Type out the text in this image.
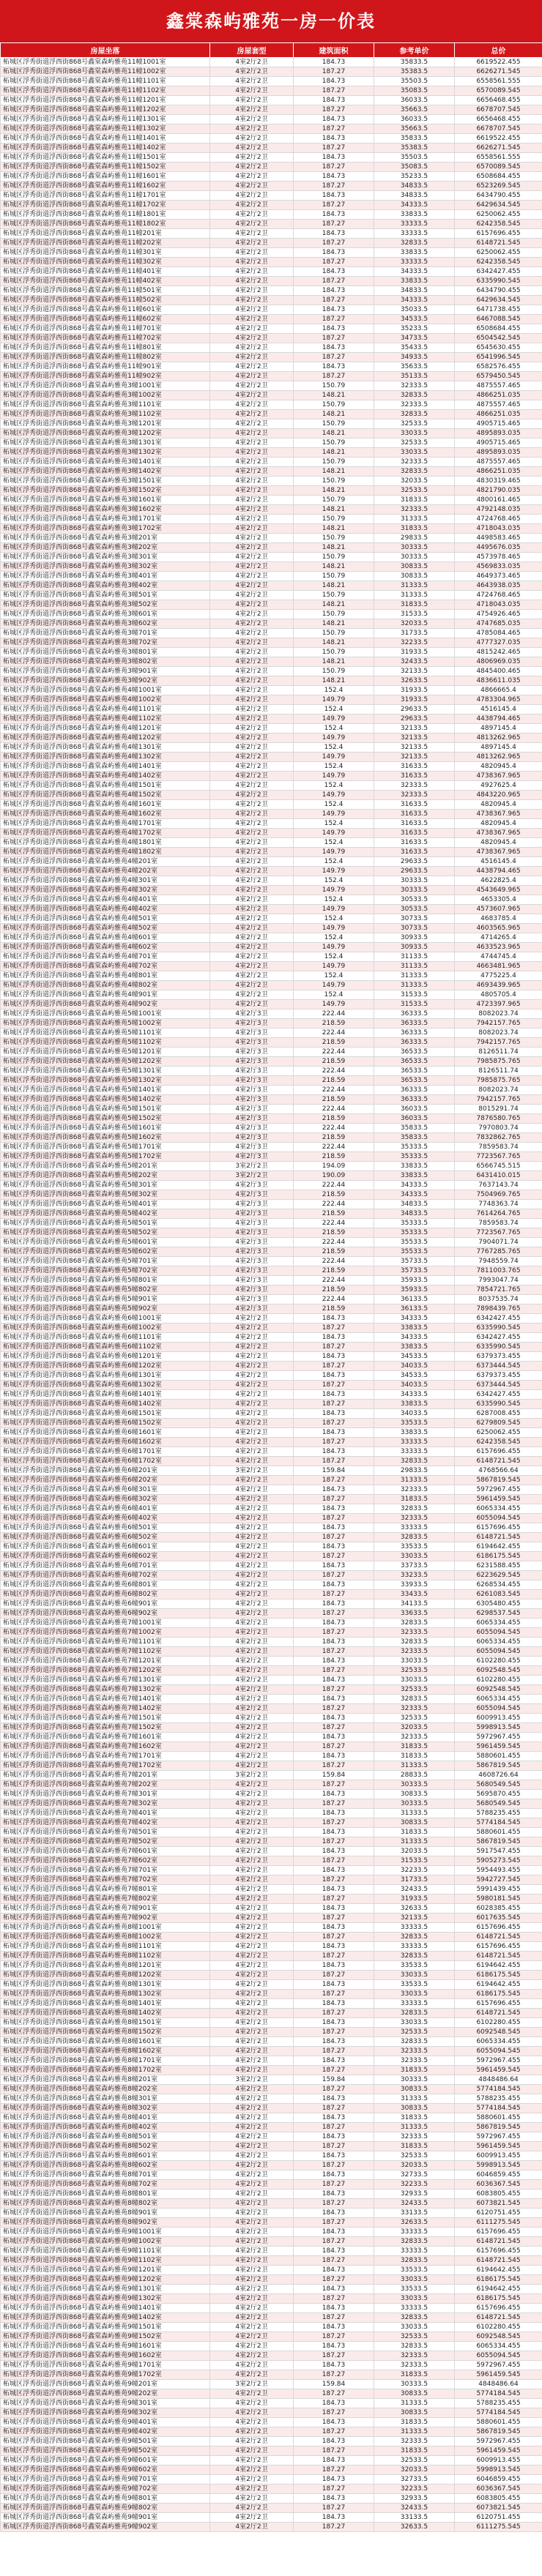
鑫棠森屿雅苑一房一价表
房屋坐落	房屋套型	建筑面积	参考单价	总价
柘城区浮秀街道浮西街868号鑫棠森屿雅苑11幢1001室	4室2厅2卫	184.73	35833.5	6619522.455
柘城区浮秀街道浮西街868号鑫棠森屿雅苑11幢1002室	4室2厅2卫	187.27	35383.5	6626271.545
柘城区浮秀街道浮西街868号鑫棠森屿雅苑11幢1101室	4室2厅2卫	184.73	35503.5	6558561.555
柘城区浮秀街道浮西街868号鑫棠森屿雅苑11幢1102室	4室2厅2卫	187.27	35083.5	6570089.545
柘城区浮秀街道浮西街868号鑫棠森屿雅苑11幢1201室	4室2厅2卫	184.73	36033.5	6656468.455
柘城区浮秀街道浮西街868号鑫棠森屿雅苑11幢1202室	4室2厅2卫	187.27	35663.5	6678707.545
柘城区浮秀街道浮西街868号鑫棠森屿雅苑11幢1301室	4室2厅2卫	184.73	36033.5	6656468.455
柘城区浮秀街道浮西街868号鑫棠森屿雅苑11幢1302室	4室2厅2卫	187.27	35663.5	6678707.545
柘城区浮秀街道浮西街868号鑫棠森屿雅苑11幢1401室	4室2厅2卫	184.73	35833.5	6619522.455
柘城区浮秀街道浮西街868号鑫棠森屿雅苑11幢1402室	4室2厅2卫	187.27	35383.5	6626271.545
柘城区浮秀街道浮西街868号鑫棠森屿雅苑11幢1501室	4室2厅2卫	184.73	35503.5	6558561.555
柘城区浮秀街道浮西街868号鑫棠森屿雅苑11幢1502室	4室2厅2卫	187.27	35083.5	6570089.545
柘城区浮秀街道浮西街868号鑫棠森屿雅苑11幢1601室	4室2厅2卫	184.73	35233.5	6508684.455
柘城区浮秀街道浮西街868号鑫棠森屿雅苑11幢1602室	4室2厅2卫	187.27	34833.5	6523269.545
柘城区浮秀街道浮西街868号鑫棠森屿雅苑11幢1701室	4室2厅2卫	184.73	34833.5	6434790.455
柘城区浮秀街道浮西街868号鑫棠森屿雅苑11幢1702室	4室2厅2卫	187.27	34333.5	6429634.545
柘城区浮秀街道浮西街868号鑫棠森屿雅苑11幢1801室	4室2厅2卫	184.73	33833.5	6250062.455
柘城区浮秀街道浮西街868号鑫棠森屿雅苑11幢1802室	4室2厅2卫	187.27	33333.5	6242358.545
柘城区浮秀街道浮西街868号鑫棠森屿雅苑11幢201室	4室2厅2卫	184.73	33333.5	6157696.455
柘城区浮秀街道浮西街868号鑫棠森屿雅苑11幢202室	4室2厅2卫	187.27	32833.5	6148721.545
柘城区浮秀街道浮西街868号鑫棠森屿雅苑11幢301室	4室2厅2卫	184.73	33833.5	6250062.455
柘城区浮秀街道浮西街868号鑫棠森屿雅苑11幢302室	4室2厅2卫	187.27	33333.5	6242358.545
柘城区浮秀街道浮西街868号鑫棠森屿雅苑11幢401室	4室2厅2卫	184.73	34333.5	6342427.455
柘城区浮秀街道浮西街868号鑫棠森屿雅苑11幢402室	4室2厅2卫	187.27	33833.5	6335990.545
柘城区浮秀街道浮西街868号鑫棠森屿雅苑11幢501室	4室2厅2卫	184.73	34833.5	6434790.455
柘城区浮秀街道浮西街868号鑫棠森屿雅苑11幢502室	4室2厅2卫	187.27	34333.5	6429634.545
柘城区浮秀街道浮西街868号鑫棠森屿雅苑11幢601室	4室2厅2卫	184.73	35033.5	6471738.455
柘城区浮秀街道浮西街868号鑫棠森屿雅苑11幢602室	4室2厅2卫	187.27	34533.5	6467088.545
柘城区浮秀街道浮西街868号鑫棠森屿雅苑11幢701室	4室2厅2卫	184.73	35233.5	6508684.455
柘城区浮秀街道浮西街868号鑫棠森屿雅苑11幢702室	4室2厅2卫	187.27	34733.5	6504542.545
柘城区浮秀街道浮西街868号鑫棠森屿雅苑11幢801室	4室2厅2卫	184.73	35433.5	6545630.455
柘城区浮秀街道浮西街868号鑫棠森屿雅苑11幢802室	4室2厅2卫	187.27	34933.5	6541996.545
柘城区浮秀街道浮西街868号鑫棠森屿雅苑11幢901室	4室2厅2卫	184.73	35633.5	6582576.455
柘城区浮秀街道浮西街868号鑫棠森屿雅苑11幢902室	4室2厅2卫	187.27	35133.5	6579450.545
柘城区浮秀街道浮西街868号鑫棠森屿雅苑3幢1001室	4室2厅2卫	150.79	32333.5	4875557.465
柘城区浮秀街道浮西街868号鑫棠森屿雅苑3幢1002室	4室2厅2卫	148.21	32833.5	4866251.035
柘城区浮秀街道浮西街868号鑫棠森屿雅苑3幢1101室	4室2厅2卫	150.79	32333.5	4875557.465
柘城区浮秀街道浮西街868号鑫棠森屿雅苑3幢1102室	4室2厅2卫	148.21	32833.5	4866251.035
柘城区浮秀街道浮西街868号鑫棠森屿雅苑3幢1201室	4室2厅2卫	150.79	32533.5	4905715.465
柘城区浮秀街道浮西街868号鑫棠森屿雅苑3幢1202室	4室2厅2卫	148.21	33033.5	4895893.035
柘城区浮秀街道浮西街868号鑫棠森屿雅苑3幢1301室	4室2厅2卫	150.79	32533.5	4905715.465
柘城区浮秀街道浮西街868号鑫棠森屿雅苑3幢1302室	4室2厅2卫	148.21	33033.5	4895893.035
柘城区浮秀街道浮西街868号鑫棠森屿雅苑3幢1401室	4室2厅2卫	150.79	32333.5	4875557.465
柘城区浮秀街道浮西街868号鑫棠森屿雅苑3幢1402室	4室2厅2卫	148.21	32833.5	4866251.035
柘城区浮秀街道浮西街868号鑫棠森屿雅苑3幢1501室	4室2厅2卫	150.79	32033.5	4830319.465
柘城区浮秀街道浮西街868号鑫棠森屿雅苑3幢1502室	4室2厅2卫	148.21	32533.5	4821790.035
柘城区浮秀街道浮西街868号鑫棠森屿雅苑3幢1601室	4室2厅2卫	150.79	31833.5	4800161.465
柘城区浮秀街道浮西街868号鑫棠森屿雅苑3幢1602室	4室2厅2卫	148.21	32333.5	4792148.035
柘城区浮秀街道浮西街868号鑫棠森屿雅苑3幢1701室	4室2厅2卫	150.79	31333.5	4724768.465
柘城区浮秀街道浮西街868号鑫棠森屿雅苑3幢1702室	4室2厅2卫	148.21	31833.5	4718043.035
柘城区浮秀街道浮西街868号鑫棠森屿雅苑3幢201室	4室2厅2卫	150.79	29833.5	4498583.465
柘城区浮秀街道浮西街868号鑫棠森屿雅苑3幢202室	4室2厅2卫	148.21	30333.5	4495676.035
柘城区浮秀街道浮西街868号鑫棠森屿雅苑3幢301室	4室2厅2卫	150.79	30333.5	4573978.465
柘城区浮秀街道浮西街868号鑫棠森屿雅苑3幢302室	4室2厅2卫	148.21	30833.5	4569833.035
柘城区浮秀街道浮西街868号鑫棠森屿雅苑3幢401室	4室2厅2卫	150.79	30833.5	4649373.465
柘城区浮秀街道浮西街868号鑫棠森屿雅苑3幢402室	4室2厅2卫	148.21	31333.5	4643938.035
柘城区浮秀街道浮西街868号鑫棠森屿雅苑3幢501室	4室2厅2卫	150.79	31333.5	4724768.465
柘城区浮秀街道浮西街868号鑫棠森屿雅苑3幢502室	4室2厅2卫	148.21	31833.5	4718043.035
柘城区浮秀街道浮西街868号鑫棠森屿雅苑3幢601室	4室2厅2卫	150.79	31533.5	4754926.465
柘城区浮秀街道浮西街868号鑫棠森屿雅苑3幢602室	4室2厅2卫	148.21	32033.5	4747685.035
柘城区浮秀街道浮西街868号鑫棠森屿雅苑3幢701室	4室2厅2卫	150.79	31733.5	4785084.465
柘城区浮秀街道浮西街868号鑫棠森屿雅苑3幢702室	4室2厅2卫	148.21	32233.5	4777327.035
柘城区浮秀街道浮西街868号鑫棠森屿雅苑3幢801室	4室2厅2卫	150.79	31933.5	4815242.465
柘城区浮秀街道浮西街868号鑫棠森屿雅苑3幢802室	4室2厅2卫	148.21	32433.5	4806969.035
柘城区浮秀街道浮西街868号鑫棠森屿雅苑3幢901室	4室2厅2卫	150.79	32133.5	4845400.465
柘城区浮秀街道浮西街868号鑫棠森屿雅苑3幢902室	4室2厅2卫	148.21	32633.5	4836611.035
柘城区浮秀街道浮西街868号鑫棠森屿雅苑4幢1001室	4室2厅2卫	152.4	31933.5	4866665.4
柘城区浮秀街道浮西街868号鑫棠森屿雅苑4幢1002室	4室2厅2卫	149.79	31933.5	4783304.965
柘城区浮秀街道浮西街868号鑫棠森屿雅苑4幢1101室	4室2厅2卫	152.4	29633.5	4516145.4
柘城区浮秀街道浮西街868号鑫棠森屿雅苑4幢1102室	4室2厅2卫	149.79	29633.5	4438794.465
柘城区浮秀街道浮西街868号鑫棠森屿雅苑4幢1201室	4室2厅2卫	152.4	32133.5	4897145.4
柘城区浮秀街道浮西街868号鑫棠森屿雅苑4幢1202室	4室2厅2卫	149.79	32133.5	4813262.965
柘城区浮秀街道浮西街868号鑫棠森屿雅苑4幢1301室	4室2厅2卫	152.4	32133.5	4897145.4
柘城区浮秀街道浮西街868号鑫棠森屿雅苑4幢1302室	4室2厅2卫	149.79	32133.5	4813262.965
柘城区浮秀街道浮西街868号鑫棠森屿雅苑4幢1401室	4室2厅2卫	152.4	31633.5	4820945.4
柘城区浮秀街道浮西街868号鑫棠森屿雅苑4幢1402室	4室2厅2卫	149.79	31633.5	4738367.965
柘城区浮秀街道浮西街868号鑫棠森屿雅苑4幢1501室	4室2厅2卫	152.4	32333.5	4927625.4
柘城区浮秀街道浮西街868号鑫棠森屿雅苑4幢1502室	4室2厅2卫	149.79	32333.5	4843220.965
柘城区浮秀街道浮西街868号鑫棠森屿雅苑4幢1601室	4室2厅2卫	152.4	31633.5	4820945.4
柘城区浮秀街道浮西街868号鑫棠森屿雅苑4幢1602室	4室2厅2卫	149.79	31633.5	4738367.965
柘城区浮秀街道浮西街868号鑫棠森屿雅苑4幢1701室	4室2厅2卫	152.4	31633.5	4820945.4
柘城区浮秀街道浮西街868号鑫棠森屿雅苑4幢1702室	4室2厅2卫	149.79	31633.5	4738367.965
柘城区浮秀街道浮西街868号鑫棠森屿雅苑4幢1801室	4室2厅2卫	152.4	31633.5	4820945.4
柘城区浮秀街道浮西街868号鑫棠森屿雅苑4幢1802室	4室2厅2卫	149.79	31633.5	4738367.965
柘城区浮秀街道浮西街868号鑫棠森屿雅苑4幢201室	4室2厅2卫	152.4	29633.5	4516145.4
柘城区浮秀街道浮西街868号鑫棠森屿雅苑4幢202室	4室2厅2卫	149.79	29633.5	4438794.465
柘城区浮秀街道浮西街868号鑫棠森屿雅苑4幢301室	4室2厅2卫	152.4	30333.5	4622825.4
柘城区浮秀街道浮西街868号鑫棠森屿雅苑4幢302室	4室2厅2卫	149.79	30333.5	4543649.965
柘城区浮秀街道浮西街868号鑫棠森屿雅苑4幢401室	4室2厅2卫	152.4	30533.5	4653305.4
柘城区浮秀街道浮西街868号鑫棠森屿雅苑4幢402室	4室2厅2卫	149.79	30533.5	4573607.965
柘城区浮秀街道浮西街868号鑫棠森屿雅苑4幢501室	4室2厅2卫	152.4	30733.5	4683785.4
柘城区浮秀街道浮西街868号鑫棠森屿雅苑4幢502室	4室2厅2卫	149.79	30733.5	4603565.965
柘城区浮秀街道浮西街868号鑫棠森屿雅苑4幢601室	4室2厅2卫	152.4	30933.5	4714265.4
柘城区浮秀街道浮西街868号鑫棠森屿雅苑4幢602室	4室2厅2卫	149.79	30933.5	4633523.965
柘城区浮秀街道浮西街868号鑫棠森屿雅苑4幢701室	4室2厅2卫	152.4	31133.5	4744745.4
柘城区浮秀街道浮西街868号鑫棠森屿雅苑4幢702室	4室2厅2卫	149.79	31133.5	4663481.965
柘城区浮秀街道浮西街868号鑫棠森屿雅苑4幢801室	4室2厅2卫	152.4	31333.5	4775225.4
柘城区浮秀街道浮西街868号鑫棠森屿雅苑4幢802室	4室2厅2卫	149.79	31333.5	4693439.965
柘城区浮秀街道浮西街868号鑫棠森屿雅苑4幢901室	4室2厅2卫	152.4	31533.5	4805705.4
柘城区浮秀街道浮西街868号鑫棠森屿雅苑4幢902室	4室2厅2卫	149.79	31533.5	4723397.965
柘城区浮秀街道浮西街868号鑫棠森屿雅苑5幢1001室	4室2厅3卫	222.44	36333.5	8082023.74
柘城区浮秀街道浮西街868号鑫棠森屿雅苑5幢1002室	4室2厅3卫	218.59	36333.5	7942157.765
柘城区浮秀街道浮西街868号鑫棠森屿雅苑5幢1101室	4室2厅3卫	222.44	36333.5	8082023.74
柘城区浮秀街道浮西街868号鑫棠森屿雅苑5幢1102室	4室2厅3卫	218.59	36333.5	7942157.765
柘城区浮秀街道浮西街868号鑫棠森屿雅苑5幢1201室	4室2厅3卫	222.44	36533.5	8126511.74
柘城区浮秀街道浮西街868号鑫棠森屿雅苑5幢1202室	4室2厅3卫	218.59	36533.5	7985875.765
柘城区浮秀街道浮西街868号鑫棠森屿雅苑5幢1301室	4室2厅3卫	222.44	36533.5	8126511.74
柘城区浮秀街道浮西街868号鑫棠森屿雅苑5幢1302室	4室2厅3卫	218.59	36533.5	7985875.765
柘城区浮秀街道浮西街868号鑫棠森屿雅苑5幢1401室	4室2厅3卫	222.44	36333.5	8082023.74
柘城区浮秀街道浮西街868号鑫棠森屿雅苑5幢1402室	4室2厅3卫	218.59	36333.5	7942157.765
柘城区浮秀街道浮西街868号鑫棠森屿雅苑5幢1501室	4室2厅3卫	222.44	36033.5	8015291.74
柘城区浮秀街道浮西街868号鑫棠森屿雅苑5幢1502室	4室2厅3卫	218.59	36033.5	7876580.765
柘城区浮秀街道浮西街868号鑫棠森屿雅苑5幢1601室	4室2厅3卫	222.44	35833.5	7970803.74
柘城区浮秀街道浮西街868号鑫棠森屿雅苑5幢1602室	4室2厅3卫	218.59	35833.5	7832862.765
柘城区浮秀街道浮西街868号鑫棠森屿雅苑5幢1701室	4室2厅3卫	222.44	35333.5	7859583.74
柘城区浮秀街道浮西街868号鑫棠森屿雅苑5幢1702室	4室2厅3卫	218.59	35333.5	7723567.765
柘城区浮秀街道浮西街868号鑫棠森屿雅苑5幢201室	3室2厅2卫	194.09	33833.5	6566745.515
柘城区浮秀街道浮西街868号鑫棠森屿雅苑5幢202室	3室2厅2卫	190.09	33833.5	6431410.015
柘城区浮秀街道浮西街868号鑫棠森屿雅苑5幢301室	4室2厅3卫	222.44	34333.5	7637143.74
柘城区浮秀街道浮西街868号鑫棠森屿雅苑5幢302室	4室2厅3卫	218.59	34333.5	7504969.765
柘城区浮秀街道浮西街868号鑫棠森屿雅苑5幢401室	4室2厅3卫	222.44	34833.5	7748363.74
柘城区浮秀街道浮西街868号鑫棠森屿雅苑5幢402室	4室2厅3卫	218.59	34833.5	7614264.765
柘城区浮秀街道浮西街868号鑫棠森屿雅苑5幢501室	4室2厅3卫	222.44	35333.5	7859583.74
柘城区浮秀街道浮西街868号鑫棠森屿雅苑5幢502室	4室2厅3卫	218.59	35333.5	7723567.765
柘城区浮秀街道浮西街868号鑫棠森屿雅苑5幢601室	4室2厅3卫	222.44	35533.5	7904071.74
柘城区浮秀街道浮西街868号鑫棠森屿雅苑5幢602室	4室2厅3卫	218.59	35533.5	7767285.765
柘城区浮秀街道浮西街868号鑫棠森屿雅苑5幢701室	4室2厅3卫	222.44	35733.5	7948559.74
柘城区浮秀街道浮西街868号鑫棠森屿雅苑5幢702室	4室2厅3卫	218.59	35733.5	7811003.765
柘城区浮秀街道浮西街868号鑫棠森屿雅苑5幢801室	4室2厅3卫	222.44	35933.5	7993047.74
柘城区浮秀街道浮西街868号鑫棠森屿雅苑5幢802室	4室2厅3卫	218.59	35933.5	7854721.765
柘城区浮秀街道浮西街868号鑫棠森屿雅苑5幢901室	4室2厅3卫	222.44	36133.5	8037535.74
柘城区浮秀街道浮西街868号鑫棠森屿雅苑5幢902室	4室2厅3卫	218.59	36133.5	7898439.765
柘城区浮秀街道浮西街868号鑫棠森屿雅苑6幢1001室	4室2厅2卫	184.73	34333.5	6342427.455
柘城区浮秀街道浮西街868号鑫棠森屿雅苑6幢1002室	4室2厅2卫	187.27	33833.5	6335990.545
柘城区浮秀街道浮西街868号鑫棠森屿雅苑6幢1101室	4室2厅2卫	184.73	34333.5	6342427.455
柘城区浮秀街道浮西街868号鑫棠森屿雅苑6幢1102室	4室2厅2卫	187.27	33833.5	6335990.545
柘城区浮秀街道浮西街868号鑫棠森屿雅苑6幢1201室	4室2厅2卫	184.73	34533.5	6379373.455
柘城区浮秀街道浮西街868号鑫棠森屿雅苑6幢1202室	4室2厅2卫	187.27	34033.5	6373444.545
柘城区浮秀街道浮西街868号鑫棠森屿雅苑6幢1301室	4室2厅2卫	184.73	34533.5	6379373.455
柘城区浮秀街道浮西街868号鑫棠森屿雅苑6幢1302室	4室2厅2卫	187.27	34033.5	6373444.545
柘城区浮秀街道浮西街868号鑫棠森屿雅苑6幢1401室	4室2厅2卫	184.73	34333.5	6342427.455
柘城区浮秀街道浮西街868号鑫棠森屿雅苑6幢1402室	4室2厅2卫	187.27	33833.5	6335990.545
柘城区浮秀街道浮西街868号鑫棠森屿雅苑6幢1501室	4室2厅2卫	184.73	34033.5	6287008.455
柘城区浮秀街道浮西街868号鑫棠森屿雅苑6幢1502室	4室2厅2卫	187.27	33533.5	6279809.545
柘城区浮秀街道浮西街868号鑫棠森屿雅苑6幢1601室	4室2厅2卫	184.73	33833.5	6250062.455
柘城区浮秀街道浮西街868号鑫棠森屿雅苑6幢1602室	4室2厅2卫	187.27	33333.5	6242358.545
柘城区浮秀街道浮西街868号鑫棠森屿雅苑6幢1701室	4室2厅2卫	184.73	33333.5	6157696.455
柘城区浮秀街道浮西街868号鑫棠森屿雅苑6幢1702室	4室2厅2卫	187.27	32833.5	6148721.545
柘城区浮秀街道浮西街868号鑫棠森屿雅苑6幢201室	3室2厅2卫	159.84	29833.5	4768566.64
柘城区浮秀街道浮西街868号鑫棠森屿雅苑6幢202室	4室2厅2卫	187.27	31333.5	5867819.545
柘城区浮秀街道浮西街868号鑫棠森屿雅苑6幢301室	4室2厅2卫	184.73	32333.5	5972967.455
柘城区浮秀街道浮西街868号鑫棠森屿雅苑6幢302室	4室2厅2卫	187.27	31833.5	5961459.545
柘城区浮秀街道浮西街868号鑫棠森屿雅苑6幢401室	4室2厅2卫	184.73	32833.5	6065334.455
柘城区浮秀街道浮西街868号鑫棠森屿雅苑6幢402室	4室2厅2卫	187.27	32333.5	6055094.545
柘城区浮秀街道浮西街868号鑫棠森屿雅苑6幢501室	4室2厅2卫	184.73	33333.5	6157696.455
柘城区浮秀街道浮西街868号鑫棠森屿雅苑6幢502室	4室2厅2卫	187.27	32833.5	6148721.545
柘城区浮秀街道浮西街868号鑫棠森屿雅苑6幢601室	4室2厅2卫	184.73	33533.5	6194642.455
柘城区浮秀街道浮西街868号鑫棠森屿雅苑6幢602室	4室2厅2卫	187.27	33033.5	6186175.545
柘城区浮秀街道浮西街868号鑫棠森屿雅苑6幢701室	4室2厅2卫	184.73	33733.5	6231588.455
柘城区浮秀街道浮西街868号鑫棠森屿雅苑6幢702室	4室2厅2卫	187.27	33233.5	6223629.545
柘城区浮秀街道浮西街868号鑫棠森屿雅苑6幢801室	4室2厅2卫	184.73	33933.5	6268534.455
柘城区浮秀街道浮西街868号鑫棠森屿雅苑6幢802室	4室2厅2卫	187.27	33433.5	6261083.545
柘城区浮秀街道浮西街868号鑫棠森屿雅苑6幢901室	4室2厅2卫	184.73	34133.5	6305480.455
柘城区浮秀街道浮西街868号鑫棠森屿雅苑6幢902室	4室2厅2卫	187.27	33633.5	6298537.545
柘城区浮秀街道浮西街868号鑫棠森屿雅苑7幢1001室	4室2厅2卫	184.73	32833.5	6065334.455
柘城区浮秀街道浮西街868号鑫棠森屿雅苑7幢1002室	4室2厅2卫	187.27	32333.5	6055094.545
柘城区浮秀街道浮西街868号鑫棠森屿雅苑7幢1101室	4室2厅2卫	184.73	32833.5	6065334.455
柘城区浮秀街道浮西街868号鑫棠森屿雅苑7幢1102室	4室2厅2卫	187.27	32333.5	6055094.545
柘城区浮秀街道浮西街868号鑫棠森屿雅苑7幢1201室	4室2厅2卫	184.73	33033.5	6102280.455
柘城区浮秀街道浮西街868号鑫棠森屿雅苑7幢1202室	4室2厅2卫	187.27	32533.5	6092548.545
柘城区浮秀街道浮西街868号鑫棠森屿雅苑7幢1301室	4室2厅2卫	184.73	33033.5	6102280.455
柘城区浮秀街道浮西街868号鑫棠森屿雅苑7幢1302室	4室2厅2卫	187.27	32533.5	6092548.545
柘城区浮秀街道浮西街868号鑫棠森屿雅苑7幢1401室	4室2厅2卫	184.73	32833.5	6065334.455
柘城区浮秀街道浮西街868号鑫棠森屿雅苑7幢1402室	4室2厅2卫	187.27	32333.5	6055094.545
柘城区浮秀街道浮西街868号鑫棠森屿雅苑7幢1501室	4室2厅2卫	184.73	32533.5	6009913.455
柘城区浮秀街道浮西街868号鑫棠森屿雅苑7幢1502室	4室2厅2卫	187.27	32033.5	5998913.545
柘城区浮秀街道浮西街868号鑫棠森屿雅苑7幢1601室	4室2厅2卫	184.73	32333.5	5972967.455
柘城区浮秀街道浮西街868号鑫棠森屿雅苑7幢1602室	4室2厅2卫	187.27	31833.5	5961459.545
柘城区浮秀街道浮西街868号鑫棠森屿雅苑7幢1701室	4室2厅2卫	184.73	31833.5	5880601.455
柘城区浮秀街道浮西街868号鑫棠森屿雅苑7幢1702室	4室2厅2卫	187.27	31333.5	5867819.545
柘城区浮秀街道浮西街868号鑫棠森屿雅苑7幢201室	3室2厅2卫	159.84	28833.5	4608726.64
柘城区浮秀街道浮西街868号鑫棠森屿雅苑7幢202室	4室2厅2卫	187.27	30333.5	5680549.545
柘城区浮秀街道浮西街868号鑫棠森屿雅苑7幢301室	4室2厅2卫	184.73	30833.5	5695870.455
柘城区浮秀街道浮西街868号鑫棠森屿雅苑7幢302室	4室2厅2卫	187.27	30333.5	5680549.545
柘城区浮秀街道浮西街868号鑫棠森屿雅苑7幢401室	4室2厅2卫	184.73	31333.5	5788235.455
柘城区浮秀街道浮西街868号鑫棠森屿雅苑7幢402室	4室2厅2卫	187.27	30833.5	5774184.545
柘城区浮秀街道浮西街868号鑫棠森屿雅苑7幢501室	4室2厅2卫	184.73	31833.5	5880601.455
柘城区浮秀街道浮西街868号鑫棠森屿雅苑7幢502室	4室2厅2卫	187.27	31333.5	5867819.545
柘城区浮秀街道浮西街868号鑫棠森屿雅苑7幢601室	4室2厅2卫	184.73	32033.5	5917547.455
柘城区浮秀街道浮西街868号鑫棠森屿雅苑7幢602室	4室2厅2卫	187.27	31533.5	5905273.545
柘城区浮秀街道浮西街868号鑫棠森屿雅苑7幢701室	4室2厅2卫	184.73	32233.5	5954493.455
柘城区浮秀街道浮西街868号鑫棠森屿雅苑7幢702室	4室2厅2卫	187.27	31733.5	5942727.545
柘城区浮秀街道浮西街868号鑫棠森屿雅苑7幢801室	4室2厅2卫	184.73	32433.5	5991439.455
柘城区浮秀街道浮西街868号鑫棠森屿雅苑7幢802室	4室2厅2卫	187.27	31933.5	5980181.545
柘城区浮秀街道浮西街868号鑫棠森屿雅苑7幢901室	4室2厅2卫	184.73	32633.5	6028385.455
柘城区浮秀街道浮西街868号鑫棠森屿雅苑7幢902室	4室2厅2卫	187.27	32133.5	6017635.545
柘城区浮秀街道浮西街868号鑫棠森屿雅苑8幢1001室	4室2厅2卫	184.73	33333.5	6157696.455
柘城区浮秀街道浮西街868号鑫棠森屿雅苑8幢1002室	4室2厅2卫	187.27	32833.5	6148721.545
柘城区浮秀街道浮西街868号鑫棠森屿雅苑8幢1101室	4室2厅2卫	184.73	33333.5	6157696.455
柘城区浮秀街道浮西街868号鑫棠森屿雅苑8幢1102室	4室2厅2卫	187.27	32833.5	6148721.545
柘城区浮秀街道浮西街868号鑫棠森屿雅苑8幢1201室	4室2厅2卫	184.73	33533.5	6194642.455
柘城区浮秀街道浮西街868号鑫棠森屿雅苑8幢1202室	4室2厅2卫	187.27	33033.5	6186175.545
柘城区浮秀街道浮西街868号鑫棠森屿雅苑8幢1301室	4室2厅2卫	184.73	33533.5	6194642.455
柘城区浮秀街道浮西街868号鑫棠森屿雅苑8幢1302室	4室2厅2卫	187.27	33033.5	6186175.545
柘城区浮秀街道浮西街868号鑫棠森屿雅苑8幢1401室	4室2厅2卫	184.73	33333.5	6157696.455
柘城区浮秀街道浮西街868号鑫棠森屿雅苑8幢1402室	4室2厅2卫	187.27	32833.5	6148721.545
柘城区浮秀街道浮西街868号鑫棠森屿雅苑8幢1501室	4室2厅2卫	184.73	33033.5	6102280.455
柘城区浮秀街道浮西街868号鑫棠森屿雅苑8幢1502室	4室2厅2卫	187.27	32533.5	6092548.545
柘城区浮秀街道浮西街868号鑫棠森屿雅苑8幢1601室	4室2厅2卫	184.73	32833.5	6065334.455
柘城区浮秀街道浮西街868号鑫棠森屿雅苑8幢1602室	4室2厅2卫	187.27	32333.5	6055094.545
柘城区浮秀街道浮西街868号鑫棠森屿雅苑8幢1701室	4室2厅2卫	184.73	32333.5	5972967.455
柘城区浮秀街道浮西街868号鑫棠森屿雅苑8幢1702室	4室2厅2卫	187.27	31833.5	5961459.545
柘城区浮秀街道浮西街868号鑫棠森屿雅苑8幢201室	3室2厅2卫	159.84	30333.5	4848486.64
柘城区浮秀街道浮西街868号鑫棠森屿雅苑8幢202室	4室2厅2卫	187.27	30833.5	5774184.545
柘城区浮秀街道浮西街868号鑫棠森屿雅苑8幢301室	4室2厅2卫	184.73	31333.5	5788235.455
柘城区浮秀街道浮西街868号鑫棠森屿雅苑8幢302室	4室2厅2卫	187.27	30833.5	5774184.545
柘城区浮秀街道浮西街868号鑫棠森屿雅苑8幢401室	4室2厅2卫	184.73	31833.5	5880601.455
柘城区浮秀街道浮西街868号鑫棠森屿雅苑8幢402室	4室2厅2卫	187.27	31333.5	5867819.545
柘城区浮秀街道浮西街868号鑫棠森屿雅苑8幢501室	4室2厅2卫	184.73	32333.5	5972967.455
柘城区浮秀街道浮西街868号鑫棠森屿雅苑8幢502室	4室2厅2卫	187.27	31833.5	5961459.545
柘城区浮秀街道浮西街868号鑫棠森屿雅苑8幢601室	4室2厅2卫	184.73	32533.5	6009913.455
柘城区浮秀街道浮西街868号鑫棠森屿雅苑8幢602室	4室2厅2卫	187.27	32033.5	5998913.545
柘城区浮秀街道浮西街868号鑫棠森屿雅苑8幢701室	4室2厅2卫	184.73	32733.5	6046859.455
柘城区浮秀街道浮西街868号鑫棠森屿雅苑8幢702室	4室2厅2卫	187.27	32233.5	6036367.545
柘城区浮秀街道浮西街868号鑫棠森屿雅苑8幢801室	4室2厅2卫	184.73	32933.5	6083805.455
柘城区浮秀街道浮西街868号鑫棠森屿雅苑8幢802室	4室2厅2卫	187.27	32433.5	6073821.545
柘城区浮秀街道浮西街868号鑫棠森屿雅苑8幢901室	4室2厅2卫	184.73	33133.5	6120751.455
柘城区浮秀街道浮西街868号鑫棠森屿雅苑8幢902室	4室2厅2卫	187.27	32633.5	6111275.545
柘城区浮秀街道浮西街868号鑫棠森屿雅苑9幢1001室	4室2厅2卫	184.73	33333.5	6157696.455
柘城区浮秀街道浮西街868号鑫棠森屿雅苑9幢1002室	4室2厅2卫	187.27	32833.5	6148721.545
柘城区浮秀街道浮西街868号鑫棠森屿雅苑9幢1101室	4室2厅2卫	184.73	33333.5	6157696.455
柘城区浮秀街道浮西街868号鑫棠森屿雅苑9幢1102室	4室2厅2卫	187.27	32833.5	6148721.545
柘城区浮秀街道浮西街868号鑫棠森屿雅苑9幢1201室	4室2厅2卫	184.73	33533.5	6194642.455
柘城区浮秀街道浮西街868号鑫棠森屿雅苑9幢1202室	4室2厅2卫	187.27	33033.5	6186175.545
柘城区浮秀街道浮西街868号鑫棠森屿雅苑9幢1301室	4室2厅2卫	184.73	33533.5	6194642.455
柘城区浮秀街道浮西街868号鑫棠森屿雅苑9幢1302室	4室2厅2卫	187.27	33033.5	6186175.545
柘城区浮秀街道浮西街868号鑫棠森屿雅苑9幢1401室	4室2厅2卫	184.73	33333.5	6157696.455
柘城区浮秀街道浮西街868号鑫棠森屿雅苑9幢1402室	4室2厅2卫	187.27	32833.5	6148721.545
柘城区浮秀街道浮西街868号鑫棠森屿雅苑9幢1501室	4室2厅2卫	184.73	33033.5	6102280.455
柘城区浮秀街道浮西街868号鑫棠森屿雅苑9幢1502室	4室2厅2卫	187.27	32533.5	6092548.545
柘城区浮秀街道浮西街868号鑫棠森屿雅苑9幢1601室	4室2厅2卫	184.73	32833.5	6065334.455
柘城区浮秀街道浮西街868号鑫棠森屿雅苑9幢1602室	4室2厅2卫	187.27	32333.5	6055094.545
柘城区浮秀街道浮西街868号鑫棠森屿雅苑9幢1701室	4室2厅2卫	184.73	32333.5	5972967.455
柘城区浮秀街道浮西街868号鑫棠森屿雅苑9幢1702室	4室2厅2卫	187.27	31833.5	5961459.545
柘城区浮秀街道浮西街868号鑫棠森屿雅苑9幢201室	3室2厅2卫	159.84	30333.5	4848486.64
柘城区浮秀街道浮西街868号鑫棠森屿雅苑9幢202室	4室2厅2卫	187.27	30833.5	5774184.545
柘城区浮秀街道浮西街868号鑫棠森屿雅苑9幢301室	4室2厅2卫	184.73	31333.5	5788235.455
柘城区浮秀街道浮西街868号鑫棠森屿雅苑9幢302室	4室2厅2卫	187.27	30833.5	5774184.545
柘城区浮秀街道浮西街868号鑫棠森屿雅苑9幢401室	4室2厅2卫	184.73	31833.5	5880601.455
柘城区浮秀街道浮西街868号鑫棠森屿雅苑9幢402室	4室2厅2卫	187.27	31333.5	5867819.545
柘城区浮秀街道浮西街868号鑫棠森屿雅苑9幢501室	4室2厅2卫	184.73	32333.5	5972967.455
柘城区浮秀街道浮西街868号鑫棠森屿雅苑9幢502室	4室2厅2卫	187.27	31833.5	5961459.545
柘城区浮秀街道浮西街868号鑫棠森屿雅苑9幢601室	4室2厅2卫	184.73	32533.5	6009913.455
柘城区浮秀街道浮西街868号鑫棠森屿雅苑9幢602室	4室2厅2卫	187.27	32033.5	5998913.545
柘城区浮秀街道浮西街868号鑫棠森屿雅苑9幢701室	4室2厅2卫	184.73	32733.5	6046859.455
柘城区浮秀街道浮西街868号鑫棠森屿雅苑9幢702室	4室2厅2卫	187.27	32233.5	6036367.545
柘城区浮秀街道浮西街868号鑫棠森屿雅苑9幢801室	4室2厅2卫	184.73	32933.5	6083805.455
柘城区浮秀街道浮西街868号鑫棠森屿雅苑9幢802室	4室2厅2卫	187.27	32433.5	6073821.545
柘城区浮秀街道浮西街868号鑫棠森屿雅苑9幢901室	4室2厅2卫	184.73	33133.5	6120751.455
柘城区浮秀街道浮西街868号鑫棠森屿雅苑9幢902室	4室2厅2卫	187.27	32633.5	6111275.545
